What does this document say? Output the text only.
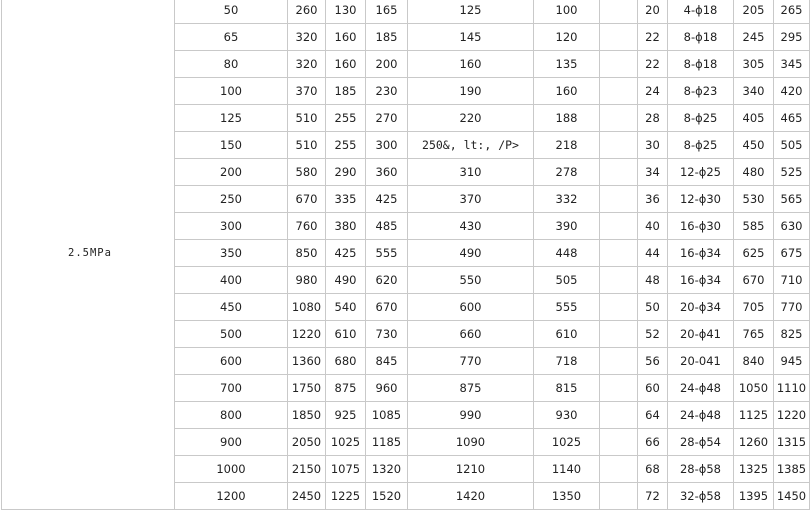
2.5MPa	50	260	130	165	125	100		20	4-ϕ18	205	265
	65	320	160	185	145	120		22	8-ϕ18	245	295
	80	320	160	200	160	135		22	8-ϕ18	305	345
	100	370	185	230	190	160		24	8-ϕ23	340	420
	125	510	255	270	220	188		28	8-ϕ25	405	465
	150	510	255	300	250&, lt:, /P>	218		30	8-ϕ25	450	505
	200	580	290	360	310	278		34	12-ϕ25	480	525
	250	670	335	425	370	332		36	12-ϕ30	530	565
	300	760	380	485	430	390		40	16-ϕ30	585	630
	350	850	425	555	490	448		44	16-ϕ34	625	675
	400	980	490	620	550	505		48	16-ϕ34	670	710
	450	1080	540	670	600	555		50	20-ϕ34	705	770
	500	1220	610	730	660	610		52	20-ϕ41	765	825
	600	1360	680	845	770	718		56	20-041	840	945
	700	1750	875	960	875	815		60	24-ϕ48	1050	1110
	800	1850	925	1085	990	930		64	24-ϕ48	1125	1220
	900	2050	1025	1185	1090	1025		66	28-ϕ54	1260	1315
	1000	2150	1075	1320	1210	1140		68	28-ϕ58	1325	1385
	1200	2450	1225	1520	1420	1350		72	32-ϕ58	1395	1450
